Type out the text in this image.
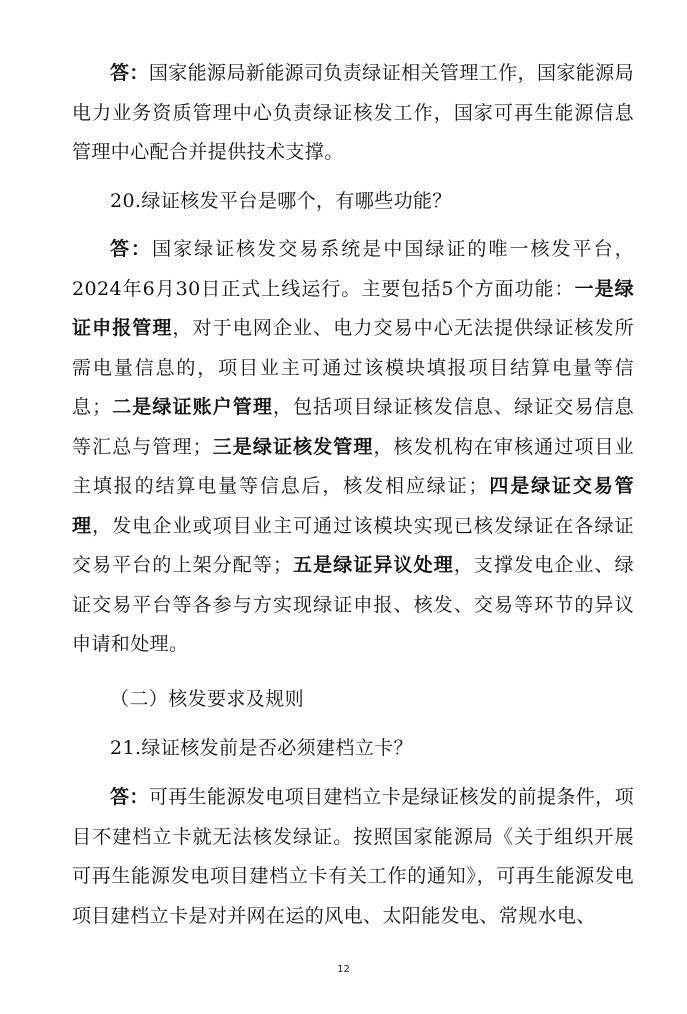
答：国家能源局新能源司负责绿证相关管理工作，国家能源局电力业务资质管理中心负责绿证核发工作，国家可再生能源信息管理中心配合并提供技术支撑。

20.绿证核发平台是哪个，有哪些功能？

答：国家绿证核发交易系统是中国绿证的唯一核发平台，2024年6月30日正式上线运行。主要包括5个方面功能：一是绿证申报管理，对于电网企业、电力交易中心无法提供绿证核发所需电量信息的，项目业主可通过该模块填报项目结算电量等信息；二是绿证账户管理，包括项目绿证核发信息、绿证交易信息等汇总与管理；三是绿证核发管理，核发机构在审核通过项目业主填报的结算电量等信息后，核发相应绿证；四是绿证交易管理，发电企业或项目业主可通过该模块实现已核发绿证在各绿证交易平台的上架分配等；五是绿证异议处理，支撑发电企业、绿证交易平台等各参与方实现绿证申报、核发、交易等环节的异议申请和处理。

（二）核发要求及规则

21.绿证核发前是否必须建档立卡？

答：可再生能源发电项目建档立卡是绿证核发的前提条件，项目不建档立卡就无法核发绿证。按照国家能源局《关于组织开展可再生能源发电项目建档立卡有关工作的通知》，可再生能源发电项目建档立卡是对并网在运的风电、太阳能发电、常规水电、

12
